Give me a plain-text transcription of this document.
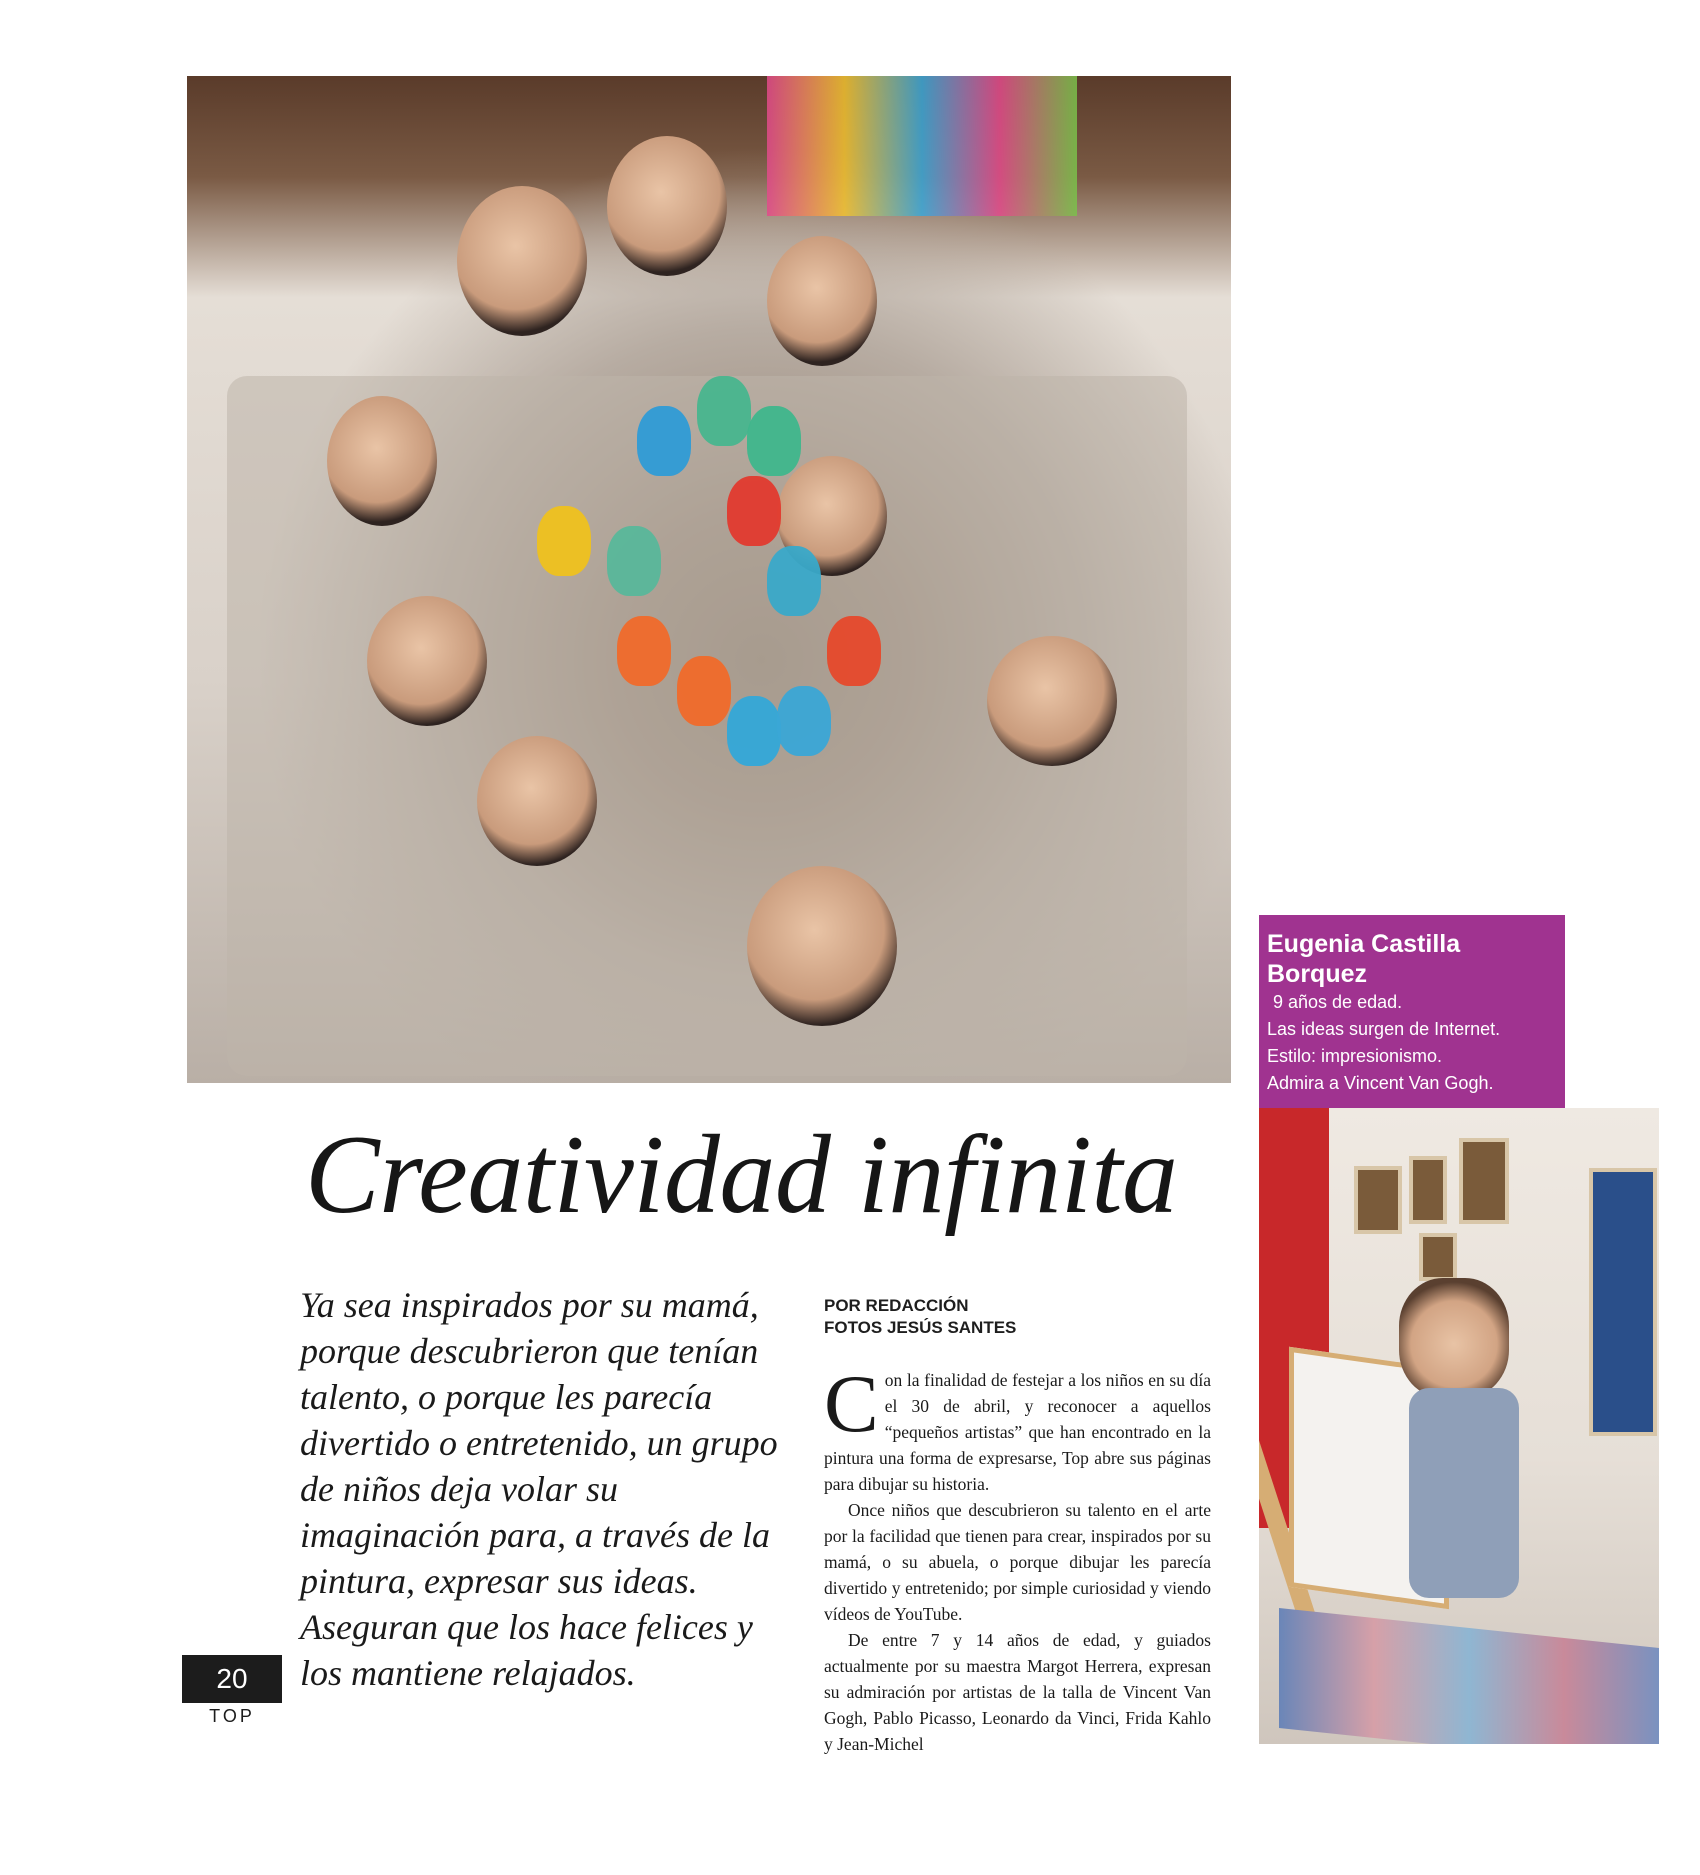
Eugenia Castilla Borquez

9 años de edad.
Las ideas surgen de Internet.
Estilo: impresionismo.
Admira a Vincent Van Gogh.
Creatividad infinita

Ya sea inspirados por su mamá, porque descubrieron que tenían talento, o porque les parecía divertido o entretenido, un grupo de niños deja volar su imaginación para, a través de la pintura, expresar sus ideas. Aseguran que los hace felices y los mantiene relajados.

POR REDACCIÓN
FOTOS JESÚS SANTES

Con la finalidad de festejar a los niños en su día el 30 de abril, y reconocer a aquellos “pequeños artistas” que han encontrado en la pintura una forma de expresarse, Top abre sus páginas para dibujar su historia.

Once niños que descubrieron su talento en el arte por la facilidad que tienen para crear, inspirados por su mamá, o su abuela, o porque dibujar les parecía divertido y entretenido; por simple curiosidad y viendo vídeos de YouTube.

De entre 7 y 14 años de edad, y guiados actualmente por su maestra Margot Herrera, expresan su admiración por artistas de la talla de Vincent Van Gogh, Pablo Picasso, Leonardo da Vinci, Frida Kahlo y Jean-Michel

20
TOP
